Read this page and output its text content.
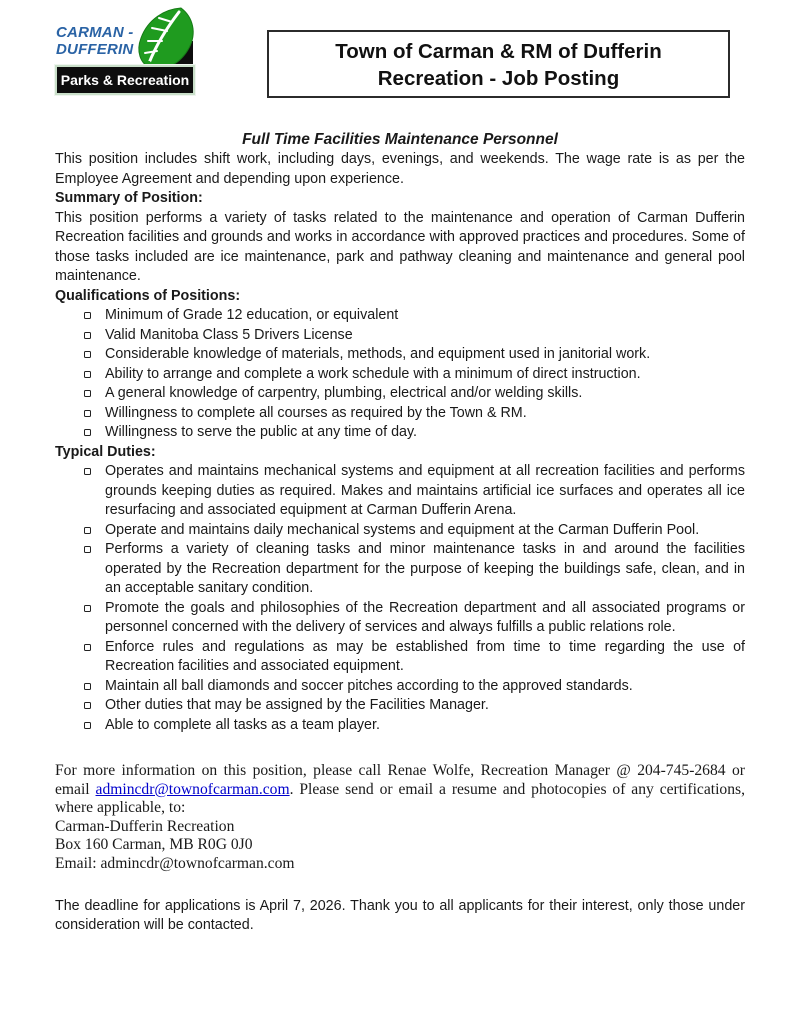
CARMAN -
DUFFERIN
Parks & Recreation
Town of Carman & RM of Dufferin
Recreation - Job Posting
Full Time Facilities Maintenance Personnel

This position includes shift work, including days, evenings, and weekends. The wage rate is as per the Employee Agreement and depending upon experience.

Summary of Position:

This position performs a variety of tasks related to the maintenance and operation of Carman Dufferin Recreation facilities and grounds and works in accordance with approved practices and procedures. Some of those tasks included are ice maintenance, park and pathway cleaning and maintenance and general pool maintenance.

Qualifications of Positions:
Minimum of Grade 12 education, or equivalent
Valid Manitoba Class 5 Drivers License
Considerable knowledge of materials, methods, and equipment used in janitorial work.
Ability to arrange and complete a work schedule with a minimum of direct instruction.
A general knowledge of carpentry, plumbing, electrical and/or welding skills.
Willingness to complete all courses as required by the Town & RM.
Willingness to serve the public at any time of day.
Typical Duties:
Operates and maintains mechanical systems and equipment at all recreation facilities and performs grounds keeping duties as required. Makes and maintains artificial ice surfaces and operates all ice resurfacing and associated equipment at Carman Dufferin Arena.
Operate and maintains daily mechanical systems and equipment at the Carman Dufferin Pool.
Performs a variety of cleaning tasks and minor maintenance tasks in and around the facilities operated by the Recreation department for the purpose of keeping the buildings safe, clean, and in an acceptable sanitary condition.
Promote the goals and philosophies of the Recreation department and all associated programs or personnel concerned with the delivery of services and always fulfills a public relations role.
Enforce rules and regulations as may be established from time to time regarding the use of Recreation facilities and associated equipment.
Maintain all ball diamonds and soccer pitches according to the approved standards.
Other duties that may be assigned by the Facilities Manager.
Able to complete all tasks as a team player.

For more information on this position, please call Renae Wolfe, Recreation Manager @ 204-745-2684 or email admincdr@townofcarman.com. Please send or email a resume and photocopies of any certifications, where applicable, to:

Carman-Dufferin Recreation
Box 160 Carman, MB R0G 0J0
Email: admincdr@townofcarman.com

The deadline for applications is April 7, 2026. Thank you to all applicants for their interest, only those under consideration will be contacted.
